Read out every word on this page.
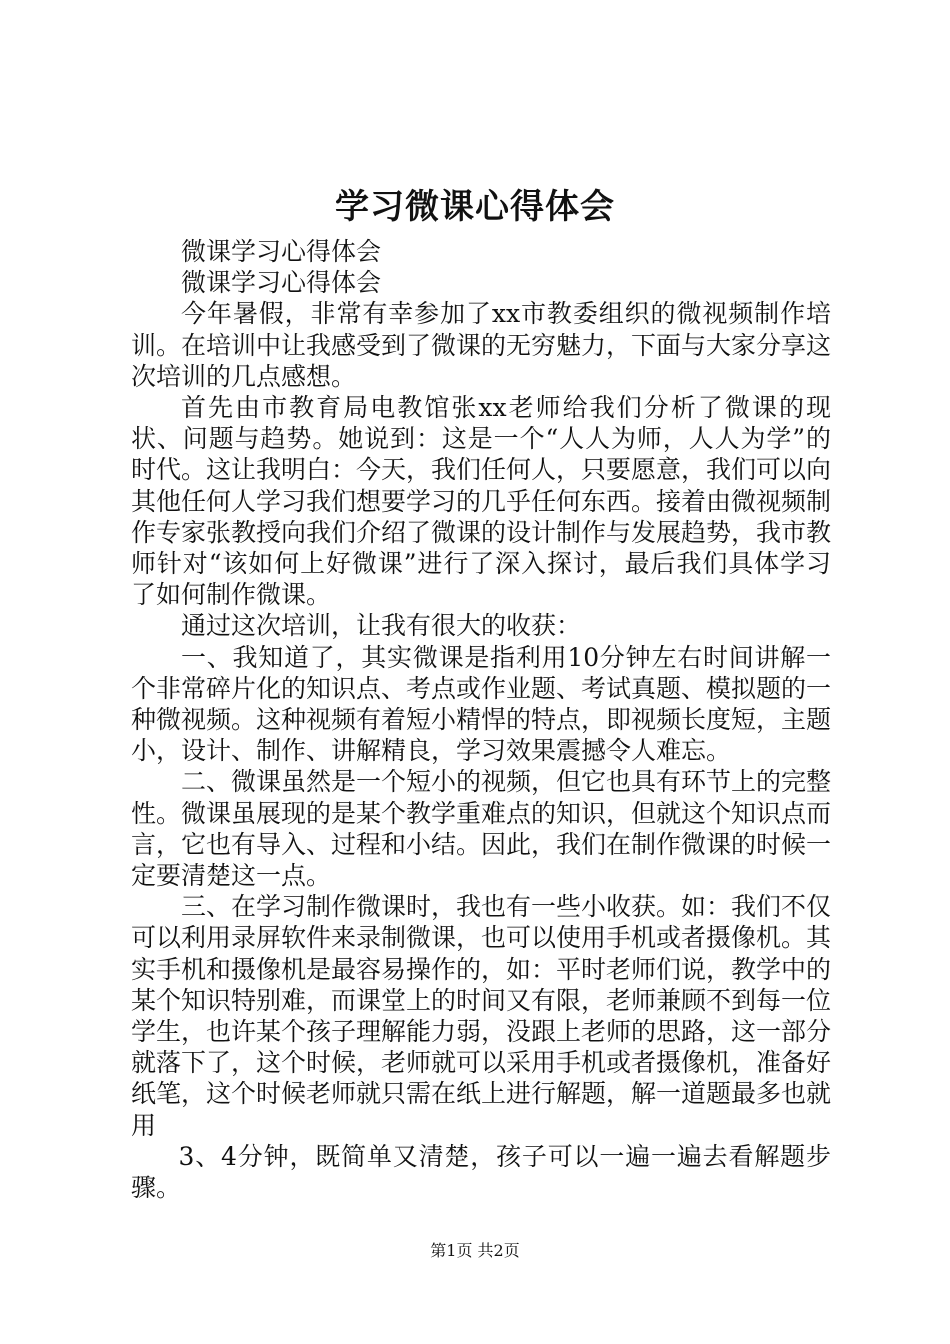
学习微课心得体会

微课学习心得体会

微课学习心得体会

今年暑假，非常有幸参加了xx市教委组织的微视频制作培训。在培训中让我感受到了微课的无穷魅力，下面与大家分享这次培训的几点感想。

首先由市教育局电教馆张xx老师给我们分析了微课的现状、问题与趋势。她说到：这是一个“人人为师，人人为学”的时代。这让我明白：今天，我们任何人，只要愿意，我们可以向其他任何人学习我们想要学习的几乎任何东西。接着由微视频制作专家张教授向我们介绍了微课的设计制作与发展趋势，我市教师针对“该如何上好微课”进行了深入探讨，最后我们具体学习了如何制作微课。

通过这次培训，让我有很大的收获：

一、我知道了，其实微课是指利用10分钟左右时间讲解一个非常碎片化的知识点、考点或作业题、考试真题、模拟题的一种微视频。这种视频有着短小精悍的特点，即视频长度短，主题小，设计、制作、讲解精良，学习效果震撼令人难忘。

二、微课虽然是一个短小的视频，但它也具有环节上的完整性。微课虽展现的是某个教学重难点的知识，但就这个知识点而言，它也有导入、过程和小结。因此，我们在制作微课的时候一定要清楚这一点。

三、在学习制作微课时，我也有一些小收获。如：我们不仅可以利用录屏软件来录制微课，也可以使用手机或者摄像机。其实手机和摄像机是最容易操作的，如：平时老师们说，教学中的某个知识特别难，而课堂上的时间又有限，老师兼顾不到每一位学生，也许某个孩子理解能力弱，没跟上老师的思路，这一部分就落下了，这个时候，老师就可以采用手机或者摄像机，准备好纸笔，这个时候老师就只需在纸上进行解题，解一道题最多也就用

3、4分钟，既简单又清楚，孩子可以一遍一遍去看解题步骤。

第1页 共2页
